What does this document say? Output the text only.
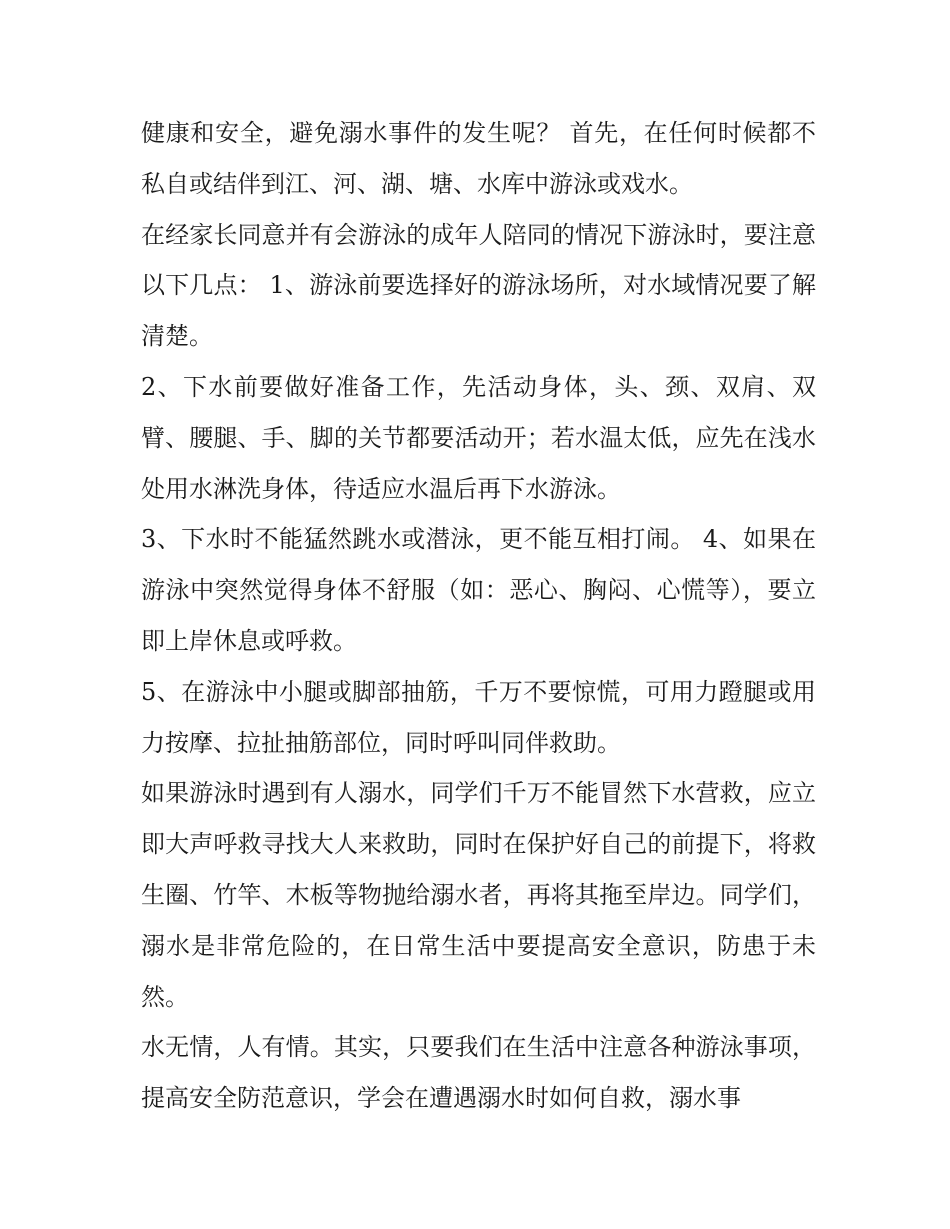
健康和安全，避免溺水事件的发生呢？ 首先，在任何时候都不私自或结伴到江、河、湖、塘、水库中游泳或戏水。

在经家长同意并有会游泳的成年人陪同的情况下游泳时，要注意以下几点： 1、游泳前要选择好的游泳场所，对水域情况要了解清楚。

2、下水前要做好准备工作，先活动身体，头、颈、双肩、双臂、腰腿、手、脚的关节都要活动开；若水温太低，应先在浅水处用水淋洗身体，待适应水温后再下水游泳。

3、下水时不能猛然跳水或潜泳，更不能互相打闹。 4、如果在游泳中突然觉得身体不舒服（如：恶心、胸闷、心慌等），要立即上岸休息或呼救。

5、在游泳中小腿或脚部抽筋，千万不要惊慌，可用力蹬腿或用力按摩、拉扯抽筋部位，同时呼叫同伴救助。

如果游泳时遇到有人溺水，同学们千万不能冒然下水营救，应立即大声呼救寻找大人来救助，同时在保护好自己的前提下，将救生圈、竹竿、木板等物抛给溺水者，再将其拖至岸边。同学们，溺水是非常危险的，在日常生活中要提高安全意识，防患于未然。

水无情，人有情。其实，只要我们在生活中注意各种游泳事项，提高安全防范意识，学会在遭遇溺水时如何自救，溺水事
